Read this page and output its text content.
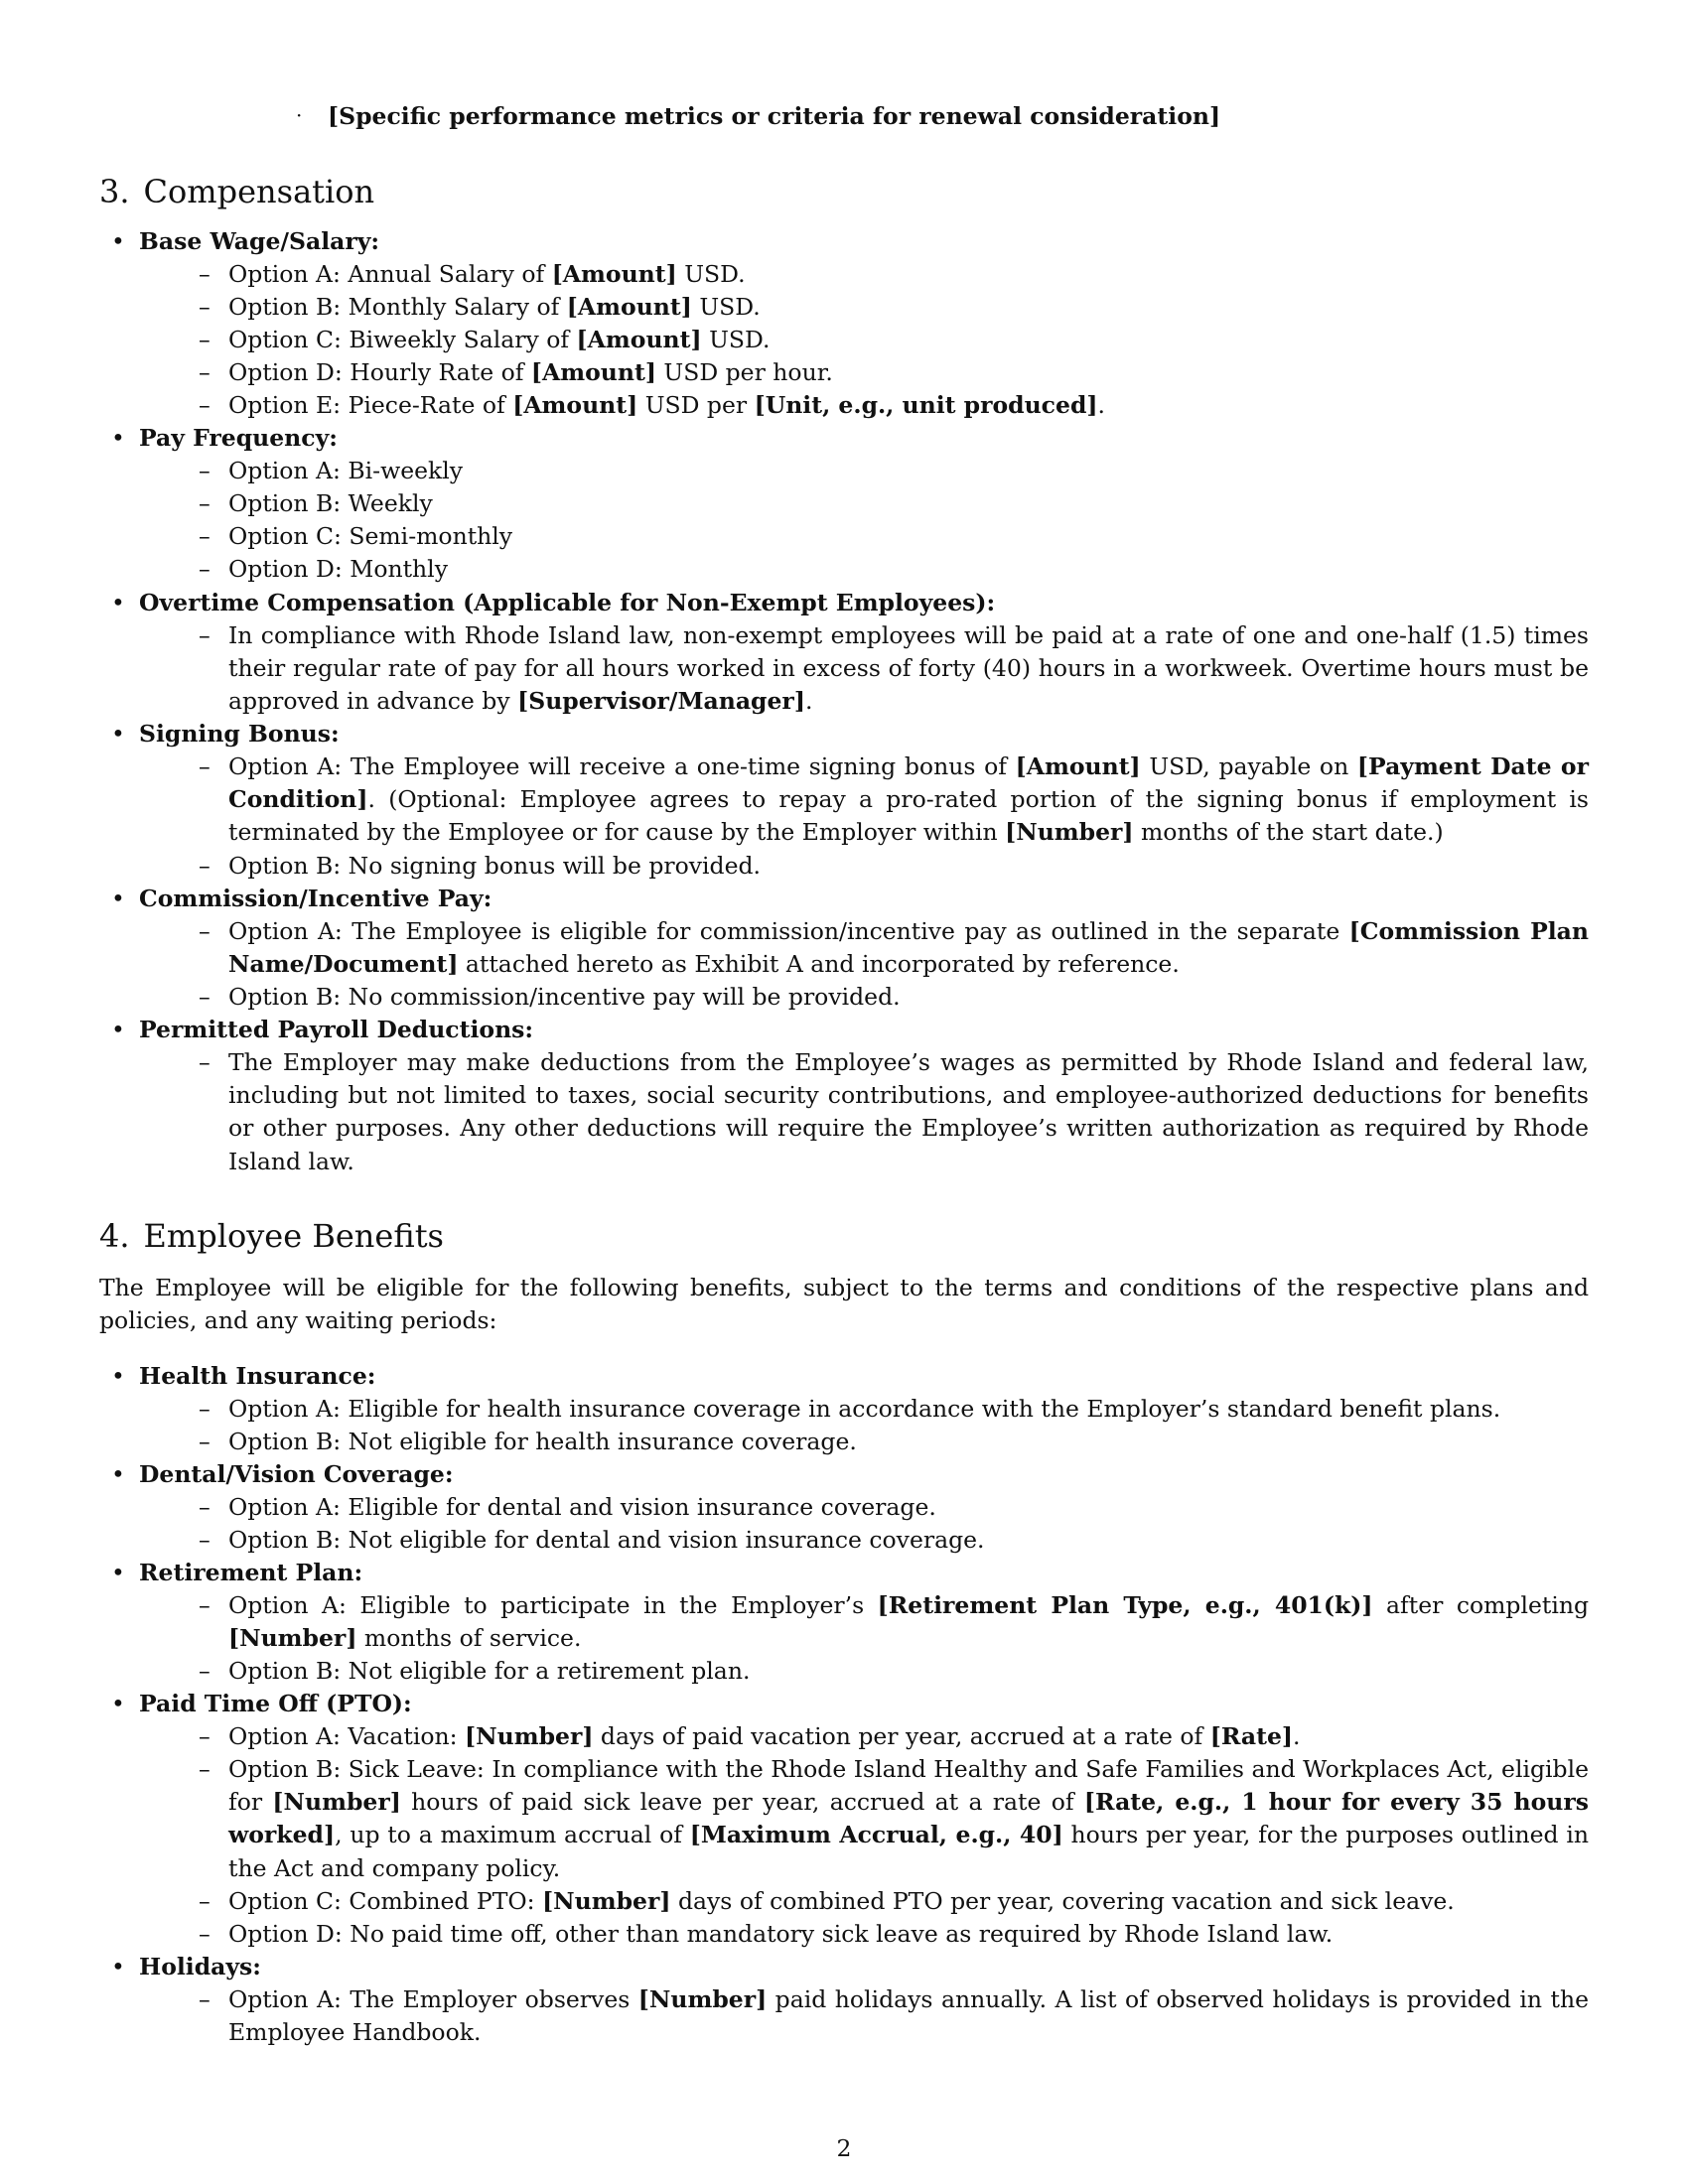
· [Specific performance metrics or criteria for renewal consideration]
3. Compensation
• Base Wage/Salary:
– Option A: Annual Salary of [Amount] USD.
– Option B: Monthly Salary of [Amount] USD.
– Option C: Biweekly Salary of [Amount] USD.
– Option D: Hourly Rate of [Amount] USD per hour.
– Option E: Piece-Rate of [Amount] USD per [Unit, e.g., unit produced].
• Pay Frequency:
– Option A: Bi-weekly
– Option B: Weekly
– Option C: Semi-monthly
– Option D: Monthly
• Overtime Compensation (Applicable for Non-Exempt Employees):
– In compliance with Rhode Island law, non-exempt employees will be paid at a rate of one and one-half (1.5) times their regular rate of pay for all hours worked in excess of forty (40) hours in a workweek. Overtime hours must be approved in advance by [Supervisor/Manager].
• Signing Bonus:
– Option A: The Employee will receive a one-time signing bonus of [Amount] USD, payable on [Payment Date or Condition]. (Optional: Employee agrees to repay a pro-rated portion of the signing bonus if employment is terminated by the Employee or for cause by the Employer within [Number] months of the start date.)
– Option B: No signing bonus will be provided.
• Commission/Incentive Pay:
– Option A: The Employee is eligible for commission/incentive pay as outlined in the separate [Commission Plan Name/Document] attached hereto as Exhibit A and incorporated by reference.
– Option B: No commission/incentive pay will be provided.
• Permitted Payroll Deductions:
– The Employer may make deductions from the Employee’s wages as permitted by Rhode Island and federal law, including but not limited to taxes, social security contributions, and employee-authorized deductions for benefits or other purposes. Any other deductions will require the Employee’s written authorization as required by Rhode Island law.
4. Employee Benefits
The Employee will be eligible for the following benefits, subject to the terms and conditions of the respective plans and policies, and any waiting periods:
• Health Insurance:
– Option A: Eligible for health insurance coverage in accordance with the Employer’s standard benefit plans.
– Option B: Not eligible for health insurance coverage.
• Dental/Vision Coverage:
– Option A: Eligible for dental and vision insurance coverage.
– Option B: Not eligible for dental and vision insurance coverage.
• Retirement Plan:
– Option A: Eligible to participate in the Employer’s [Retirement Plan Type, e.g., 401(k)] after completing [Number] months of service.
– Option B: Not eligible for a retirement plan.
• Paid Time Off (PTO):
– Option A: Vacation: [Number] days of paid vacation per year, accrued at a rate of [Rate].
– Option B: Sick Leave: In compliance with the Rhode Island Healthy and Safe Families and Workplaces Act, eligible for [Number] hours of paid sick leave per year, accrued at a rate of [Rate, e.g., 1 hour for every 35 hours worked], up to a maximum accrual of [Maximum Accrual, e.g., 40] hours per year, for the purposes outlined in the Act and company policy.
– Option C: Combined PTO: [Number] days of combined PTO per year, covering vacation and sick leave.
– Option D: No paid time off, other than mandatory sick leave as required by Rhode Island law.
• Holidays:
– Option A: The Employer observes [Number] paid holidays annually. A list of observed holidays is provided in the Employee Handbook.
2
